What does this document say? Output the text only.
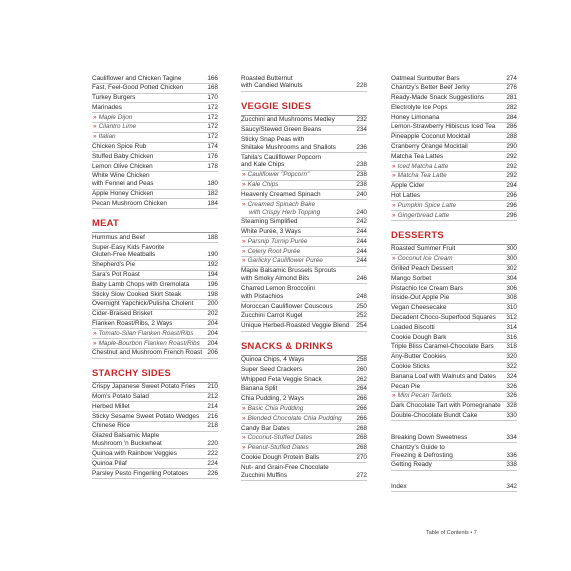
Cauliflower and Chicken Tagine	166
Fast, Feel-Good Potted Chicken	168
Turkey Burgers	170
Marinades	172
» Maple Dijon	172
» Cilantro Lime	172
» Italian	172
Chicken Spice Rub	174
Stuffed Baby Chicken	176
Lemon Olive Chicken	178
White Wine Chicken
with Fennel and Peas	180
Apple Honey Chicken	182
Pecan Mushroom Chicken	184
MEAT
Hummus and Beef	188
Super-Easy Kids Favorite
Gluten-Free Meatballs	190
Shepherd's Pie	192
Sara's Pot Roast	194
Baby Lamb Chops with Gremolata	196
Sticky Slow Cooked Skirt Steak	198
Overnight Yapchick/Pulisha Cholent	200
Cider-Braised Brisket	202
Flanken Roast/Ribs, 2 Ways	204
» Tomato-Silan Flanken Roast/Ribs	204
» Maple-Bourbon Flanken Roast/Ribs	204
Chestnut and Mushroom French Roast 206
STARCHY SIDES
Crispy Japanese Sweet Potato Fries	210
Mom's Potato Salad	212
Herbed Millet	214
Sticky Sesame Sweet Potato Wedges	216
Chinese Rice	218
Glazed Balsamic Maple
Mushroom 'n Buckwheat	220
Quinoa with Rainbow Veggies	222
Quinoa Pilaf	224
Parsley Pesto Fingerling Potatoes	226
Roasted Butternut
with Candied Walnuts	228
VEGGIE SIDES
Zucchini and Mushrooms Medley	232
Saucy/Stewed Green Beans	234
Sticky Snap Peas with
Shiitake Mushrooms and Shallots	236
Tahila's Cauliflower Popcorn
and Kale Chips	238
» Cauliflower "Popcorn"	238
» Kale Chips	238
Heavenly Creamed Spinach	240
» Creamed Spinach Bake
with Crispy Herb Topping	240
Steaming Simplified	242
White Purée, 3 Ways	244
» Parsnip Turnip Purée	244
» Celery Root Purée	244
» Garlicky Cauliflower Purée	244
Maple Balsamic Brussels Sprouts
with Smoky Almond Bits	246
Charred Lemon Broccolini
with Pistachios	248
Moroccan Cauliflower Couscous	250
Zucchini Carrot Kugel	252
Unique Herbed-Roasted Veggie Blend	254
SNACKS & DRINKS
Quinoa Chips, 4 Ways	258
Super Seed Crackers	260
Whipped Feta Veggie Snack	262
Banana Split	264
Chia Pudding, 2 Ways	266
» Basic Chia Pudding	266
» Blended Chocolate Chia Pudding	266
Candy Bar Dates	268
» Coconut-Stuffed Dates	268
» Peanut-Stuffed Dates	268
Cookie Dough Protein Balls	270
Nut- and Grain-Free Chocolate
Zucchini Muffins	272
Oatmeal Sunbutter Bars	274
Chantzy's Better Beef Jerky	276
Ready-Made Snack Suggestions	281
Electrolyte Ice Pops	282
Honey Limonana	284
Lemon-Strawberry Hibiscus Iced Tea	286
Pineapple Coconut Mocktail	288
Cranberry Orange Mocktail	290
Matcha Tea Lattes	292
» Iced Matcha Latte	292
» Matcha Tea Latte	292
Apple Cider	294
Hot Lattes	296
» Pumpkin Spice Latte	296
» Gingerbread Latte	296
DESSERTS
Roasted Summer Fruit	300
» Coconut Ice Cream	300
Grilled Peach Dessert	302
Mango Sorbet	304
Pistachio Ice Cream Bars	306
Inside-Out Apple Pie	308
Vegan Cheesecake	310
Decadent Choco-Superfood Squares	312
Loaded Biscotti	314
Cookie Dough Bark	316
Triple Bliss Caramel-Chocolate Bars	318
Any-Butter Cookies	320
Cookie Sticks	322
Banana Loaf with Walnuts and Dates	324
Pecan Pie	326
» Mini Pecan Tartlets	326
Dark Chocolate Tart with Pomegranate 328
Double-Chocolate Bundt Cake	330
Breaking Down Sweetness	334
Chantzy's Guide to
Freezing & Defrosting	336
Getting Ready	338
Index	342
Table of Contents • 7
